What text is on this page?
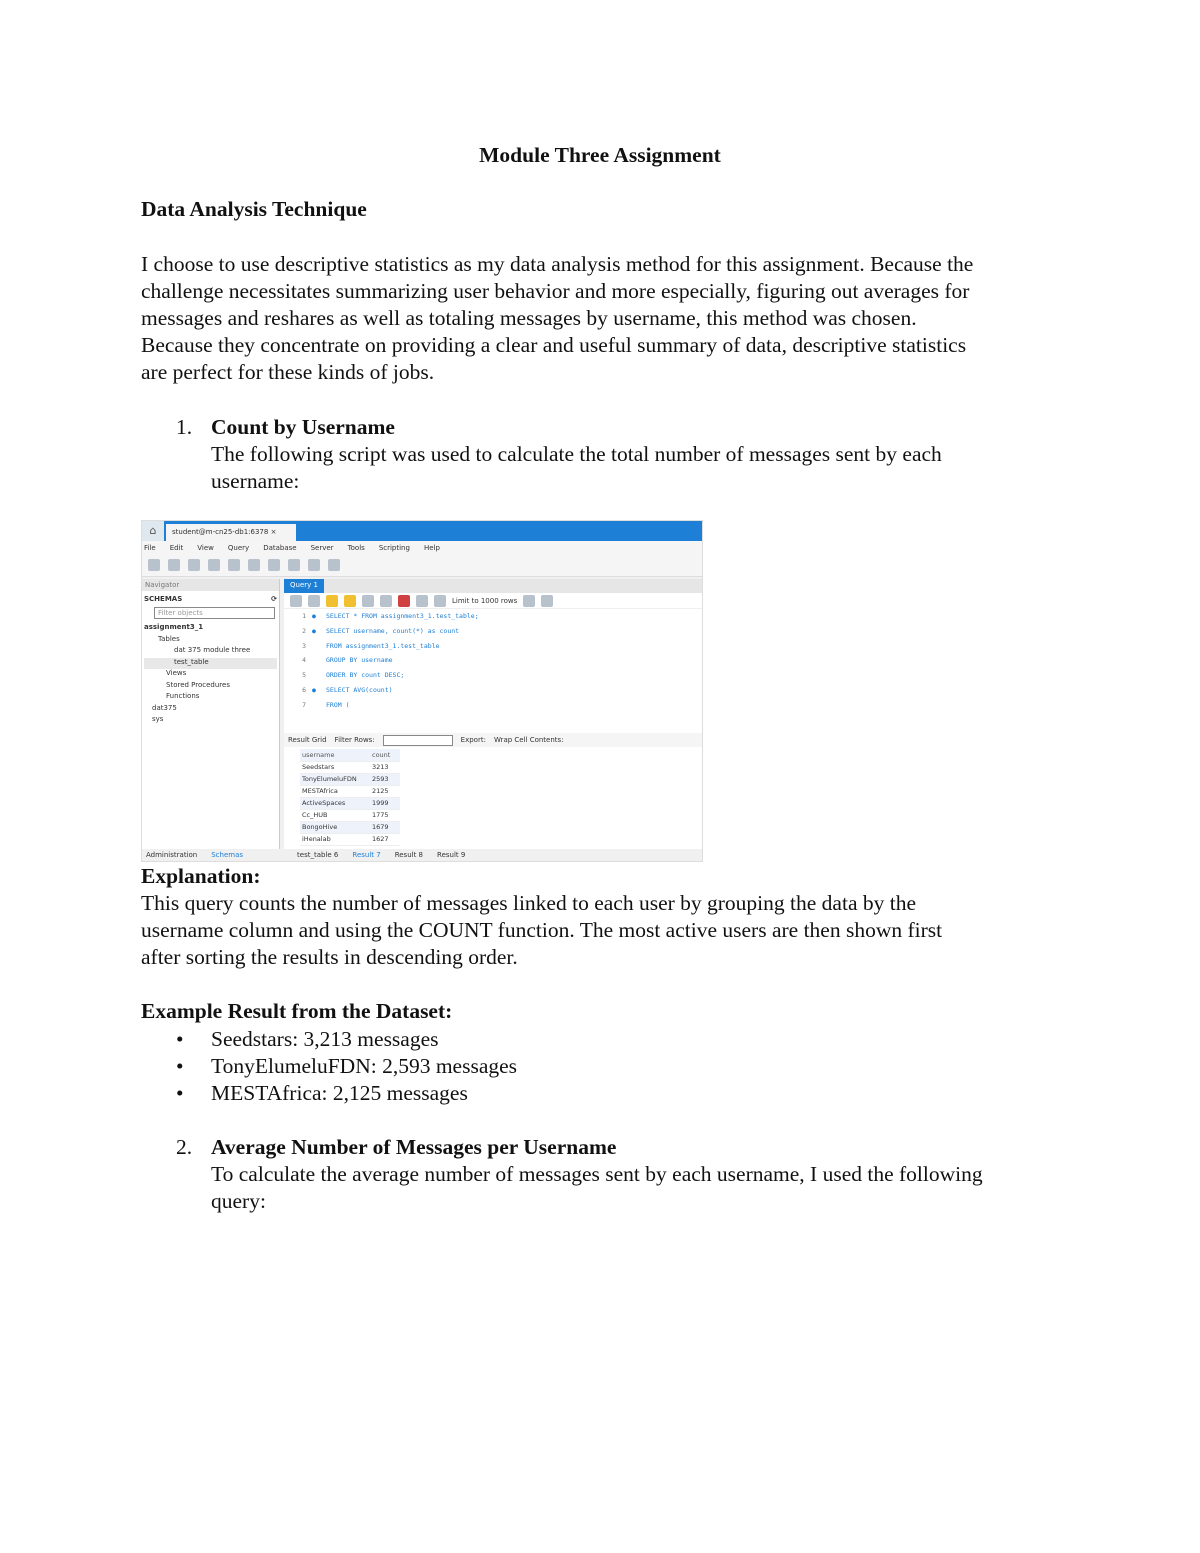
Module Three Assignment
Data Analysis Technique
I choose to use descriptive statistics as my data analysis method for this assignment. Because the
challenge necessitates summarizing user behavior and more especially, figuring out averages for
messages and reshares as well as totaling messages by username, this method was chosen.
Because they concentrate on providing a clear and useful summary of data, descriptive statistics
are perfect for these kinds of jobs.
1. Count by Username
The following script was used to calculate the total number of messages sent by each
username:
⌂	student@m-cn25-db1:6378 ×
File Edit View Query Database Server Tools Scripting Help
Navigator
SCHEMAS	⟳
Filter objects
assignment3_1
Tables
dat 375 module three
test_table
Views
Stored Procedures
Functions
dat375
sys
Query 1
Limit to 1000 rows
1 ●	SELECT * FROM assignment3_1.test_table;
2 ●	SELECT username, count(*) as count
3	FROM assignment3_1.test_table
4	GROUP BY username
5	ORDER BY count DESC;
6 ●	SELECT AVG(count)
7	FROM (
Result Grid Filter Rows:	Export: Wrap Cell Contents:
username	count
Seedstars	3213
TonyElumeluFDN	2593
MESTAfrica	2125
ActiveSpaces	1999
Cc_HUB	1775
BongoHive	1679
iHenalab	1627
Administration Schemas	test_table 6 Result 7 Result 8 Result 9
Explanation:
This query counts the number of messages linked to each user by grouping the data by the
username column and using the COUNT function. The most active users are then shown first
after sorting the results in descending order.
Example Result from the Dataset:
• Seedstars: 3,213 messages
• TonyElumeluFDN: 2,593 messages
• MESTAfrica: 2,125 messages
2. Average Number of Messages per Username
To calculate the average number of messages sent by each username, I used the following
query:
